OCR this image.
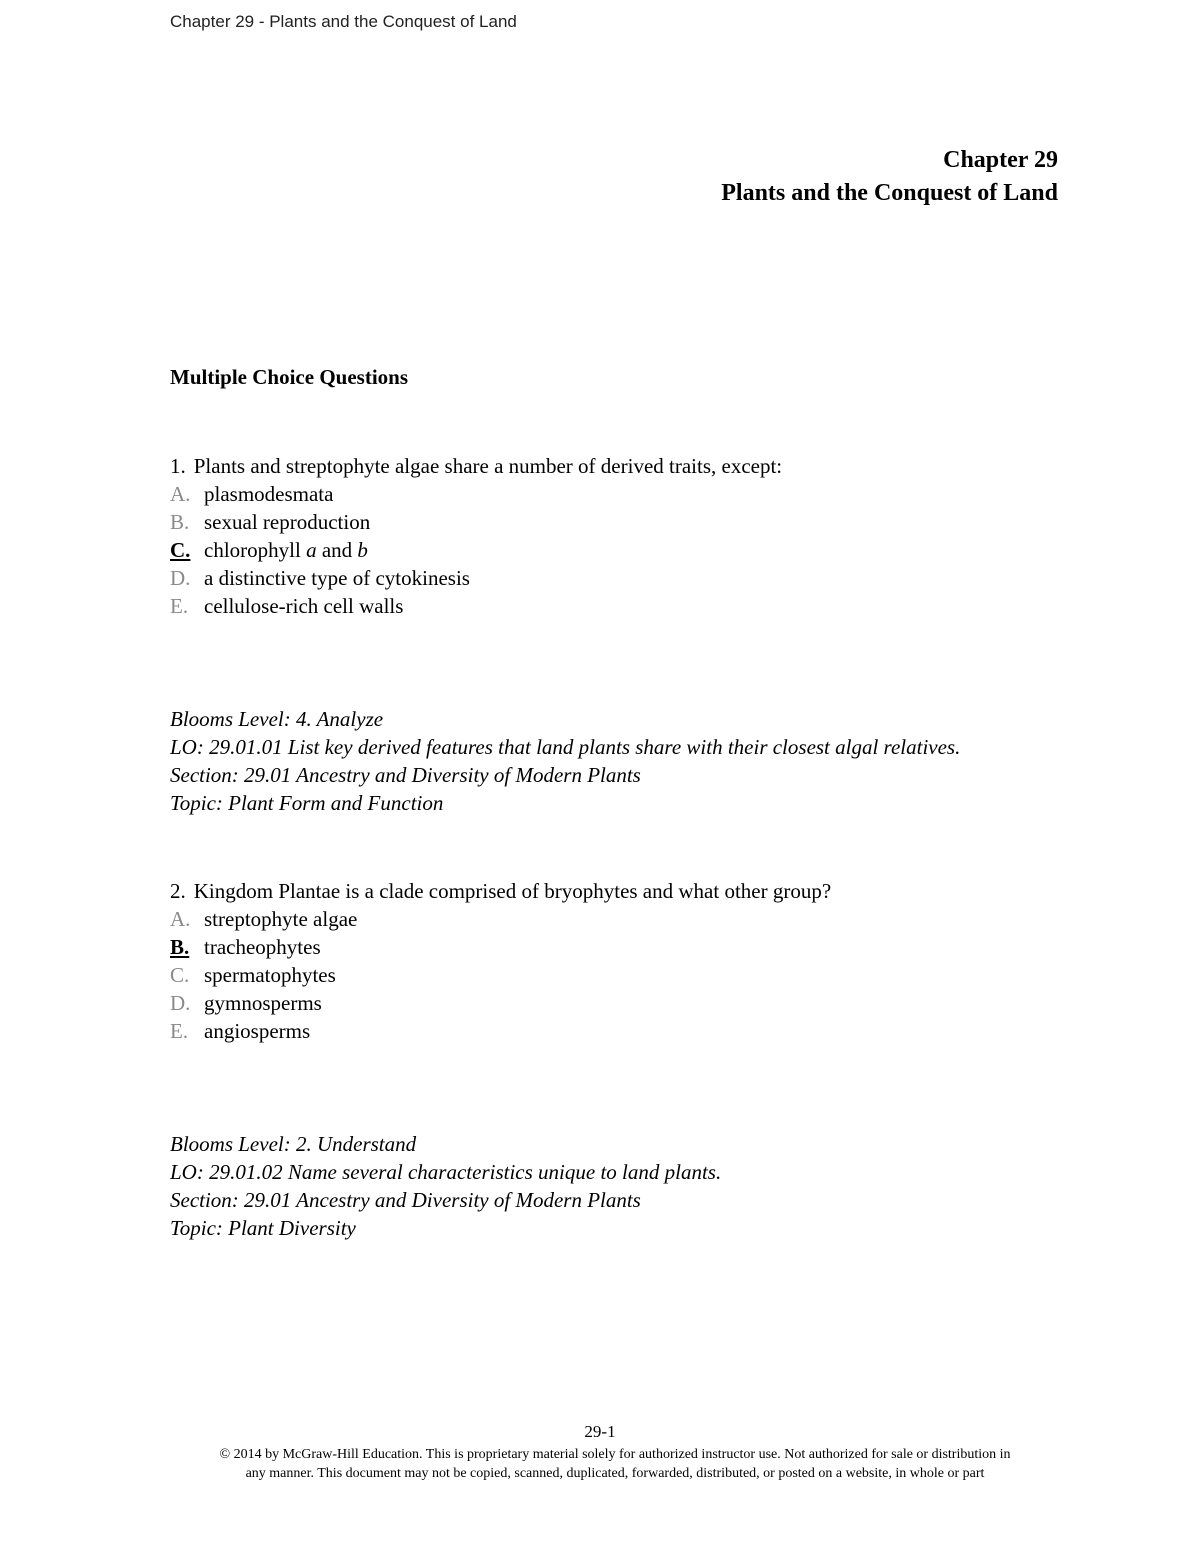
Chapter 29 - Plants and the Conquest of Land
Chapter 29
Plants and the Conquest of Land
Multiple Choice Questions
1. Plants and streptophyte algae share a number of derived traits, except:
A. plasmodesmata
B. sexual reproduction
C. chlorophyll a and b
D. a distinctive type of cytokinesis
E. cellulose-rich cell walls
Blooms Level: 4. Analyze
LO: 29.01.01 List key derived features that land plants share with their closest algal relatives.
Section: 29.01 Ancestry and Diversity of Modern Plants
Topic: Plant Form and Function
2. Kingdom Plantae is a clade comprised of bryophytes and what other group?
A. streptophyte algae
B. tracheophytes
C. spermatophytes
D. gymnosperms
E. angiosperms
Blooms Level: 2. Understand
LO: 29.01.02 Name several characteristics unique to land plants.
Section: 29.01 Ancestry and Diversity of Modern Plants
Topic: Plant Diversity
29-1
© 2014 by McGraw-Hill Education. This is proprietary material solely for authorized instructor use. Not authorized for sale or distribution in
any manner. This document may not be copied, scanned, duplicated, forwarded, distributed, or posted on a website, in whole or part
